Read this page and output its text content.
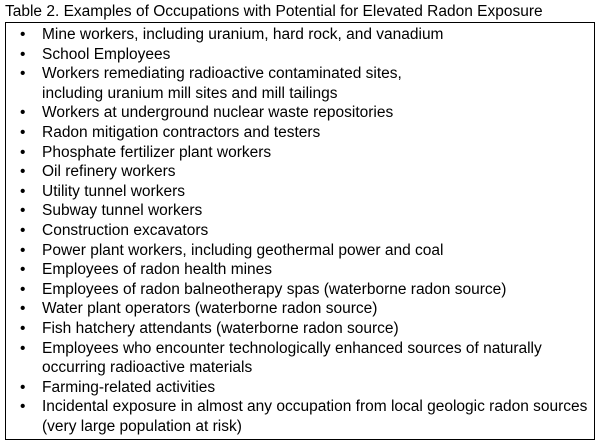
Table 2. Examples of Occupations with Potential for Elevated Radon Exposure
• Mine workers, including uranium, hard rock, and vanadium
• School Employees
• Workers remediating radioactive contaminated sites,
including uranium mill sites and mill tailings
• Workers at underground nuclear waste repositories
• Radon mitigation contractors and testers
• Phosphate fertilizer plant workers
• Oil refinery workers
• Utility tunnel workers
• Subway tunnel workers
• Construction excavators
• Power plant workers, including geothermal power and coal
• Employees of radon health mines
• Employees of radon balneotherapy spas (waterborne radon source)
• Water plant operators (waterborne radon source)
• Fish hatchery attendants (waterborne radon source)
• Employees who encounter technologically enhanced sources of naturally
occurring radioactive materials
• Farming-related activities
• Incidental exposure in almost any occupation from local geologic radon sources
(very large population at risk)
